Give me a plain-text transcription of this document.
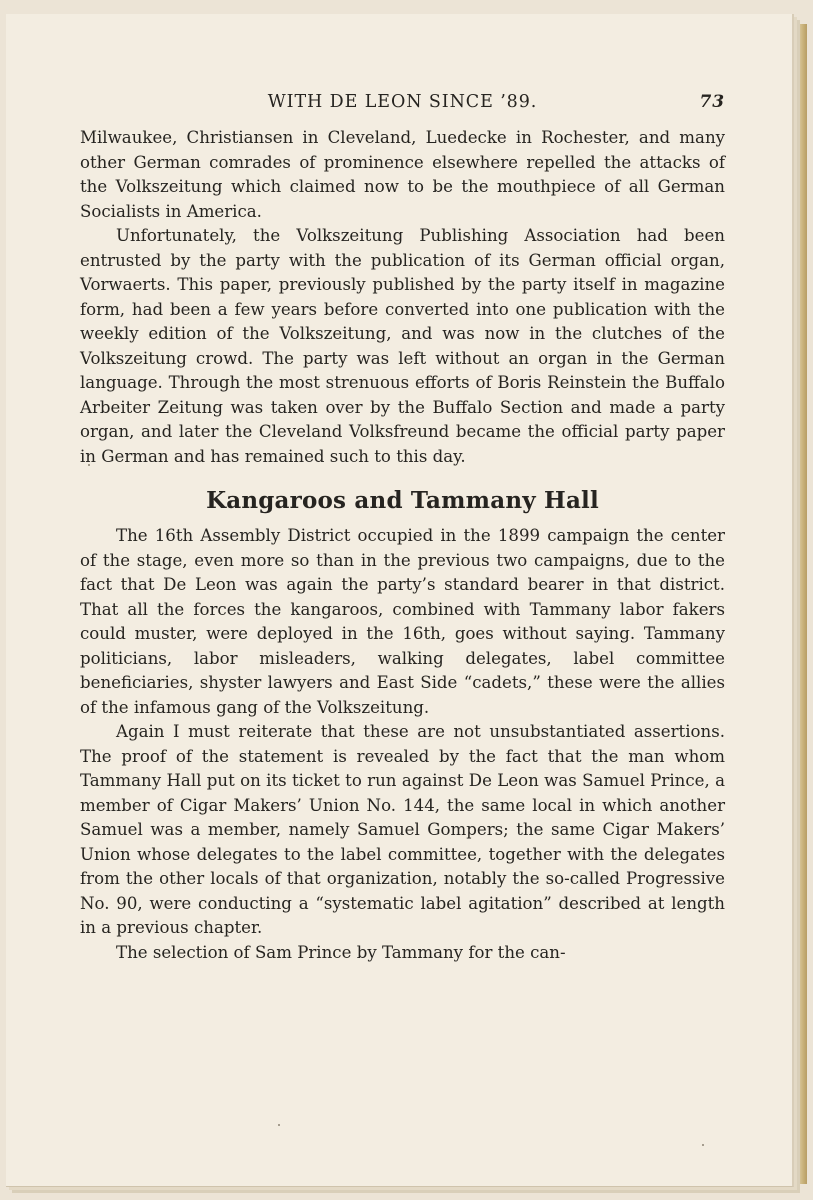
WITH DE LEON SINCE ’89.	73

Milwaukee, Christiansen in Cleveland, Luedecke in Rochester, and many other German comrades of prominence elsewhere repelled the attacks of the Volkszeitung which claimed now to be the mouthpiece of all German Socialists in America.

Unfortunately, the Volkszeitung Publishing Association had been entrusted by the party with the publication of its German official organ, Vorwaerts. This paper, previously published by the party itself in magazine form, had been a few years before converted into one publication with the weekly edition of the Volkszeitung, and was now in the clutches of the Volkszeitung crowd. The party was left without an organ in the German language. Through the most strenuous efforts of Boris Reinstein the Buffalo Arbeiter Zeitung was taken over by the Buffalo Section and made a party organ, and later the Cleveland Volksfreund became the official party paper in German and has remained such to this day.

Kangaroos and Tammany Hall

The 16th Assembly District occupied in the 1899 campaign the center of the stage, even more so than in the previous two campaigns, due to the fact that De Leon was again the party’s standard bearer in that district. That all the forces the kangaroos, combined with Tammany labor fakers could muster, were deployed in the 16th, goes without saying. Tammany politicians, labor misleaders, walking delegates, label committee beneficiaries, shyster lawyers and East Side “cadets,” these were the allies of the infamous gang of the Volkszeitung.

Again I must reiterate that these are not unsubstantiated assertions. The proof of the statement is revealed by the fact that the man whom Tammany Hall put on its ticket to run against De Leon was Samuel Prince, a member of Cigar Makers’ Union No. 144, the same local in which another Samuel was a member, namely Samuel Gompers; the same Cigar Makers’ Union whose delegates to the label committee, together with the delegates from the other locals of that organization, notably the so-called Progressive No. 90, were conducting a “systematic label agitation” described at length in a previous chapter.

The selection of Sam Prince by Tammany for the can-
